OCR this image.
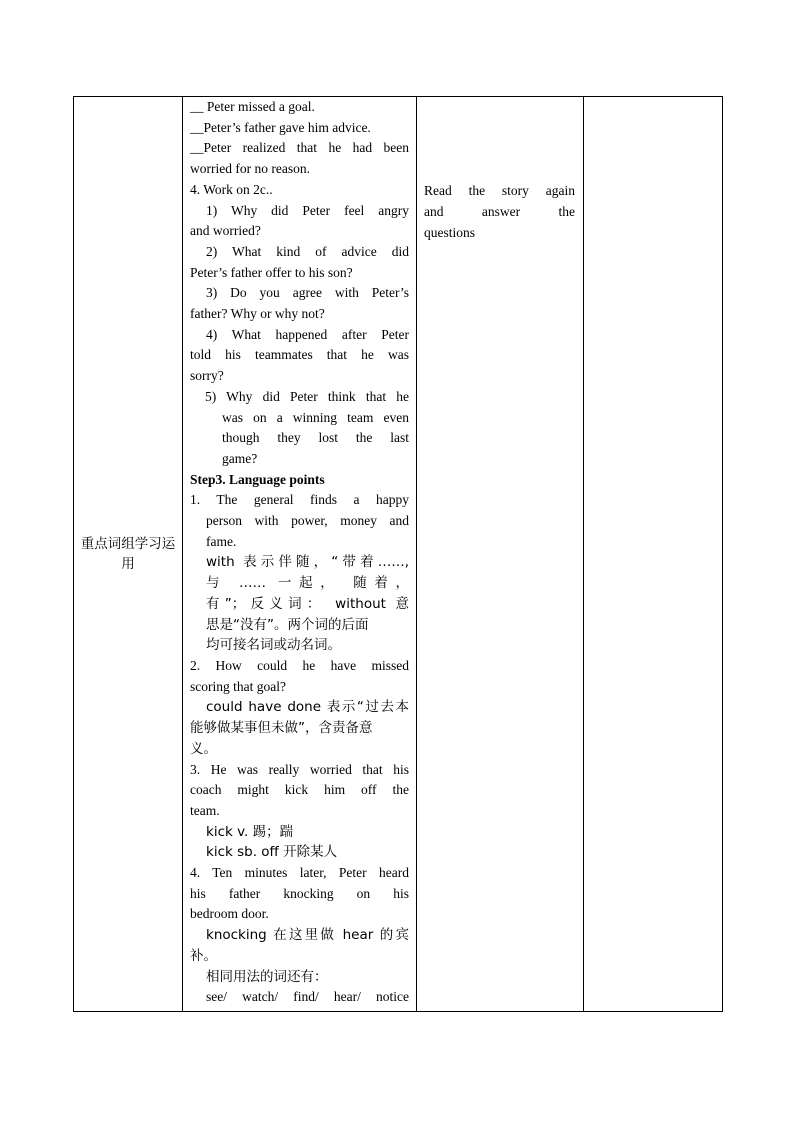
重点词组学习运用

__ Peter missed a goal.
__Peter’s father gave him advice.
__Peter realized that he had been
worried for no reason.
4. Work on 2c..
1) Why did Peter feel angry
and worried?
2) What kind of advice did
Peter’s father offer to his son?
3) Do you agree with Peter’s
father? Why or why not?
4) What happened after Peter
told his teammates that he was
sorry?
5) Why did Peter think that he
was on a winning team even
though they lost the last
game?
Step3. Language points
1. The general finds a happy
person with power, money and
fame.
with 表示伴随，“带着……,
与 …… 一起， 随着，
有”；反义词： without 意
思是“没有”。两个词的后面
均可接名词或动名词。
2. How could he have missed
scoring that goal?
could have done 表示“过去本
能够做某事但未做”，含责备意
义。
3. He was really worried that his
coach might kick him off the
team.
kick v. 踢；踹
kick sb. off 开除某人
4. Ten minutes later, Peter heard
his father knocking on his
bedroom door.
knocking 在这里做 hear 的宾
补。
相同用法的词还有：
see/ watch/ find/ hear/ notice

Read the story again
and answer the
questions
